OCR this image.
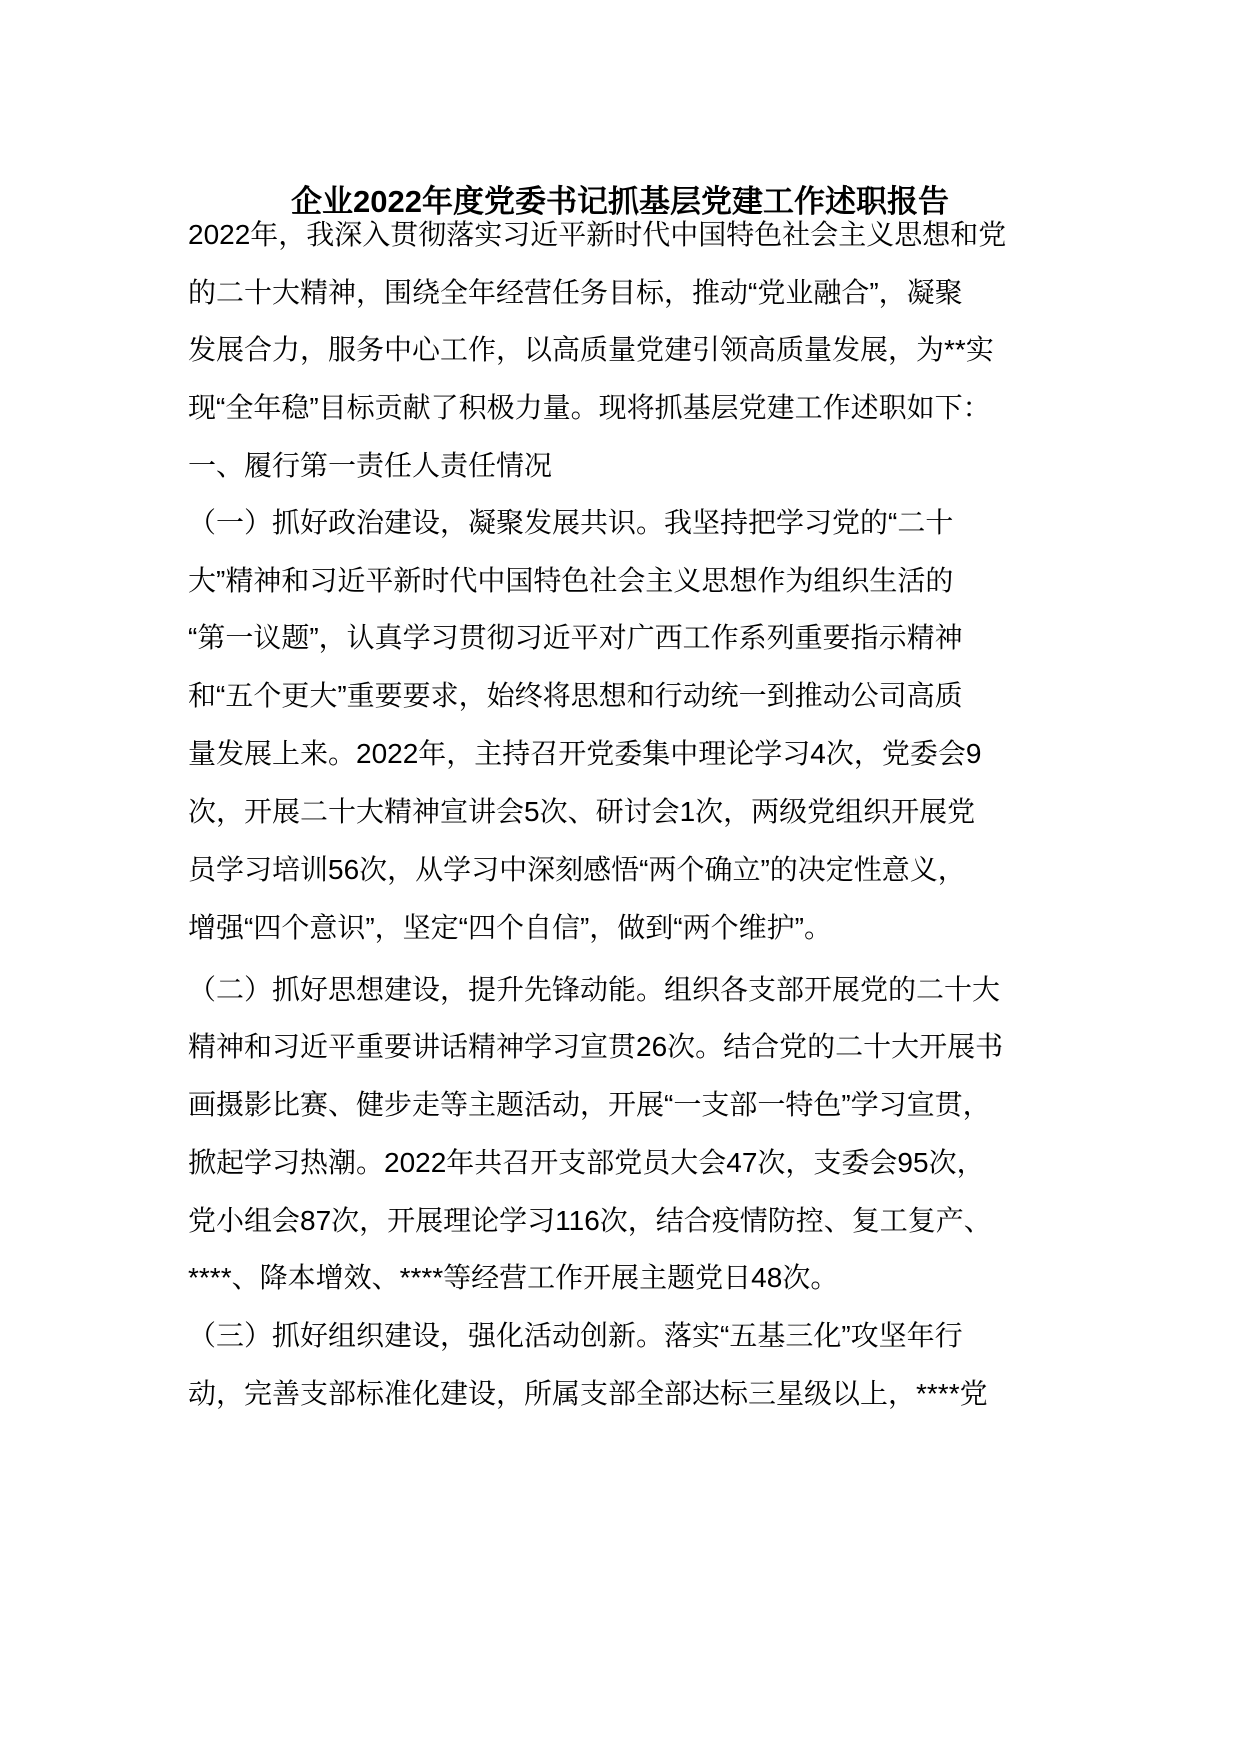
企业2022年度党委书记抓基层党建工作述职报告
2022年，我深入贯彻落实习近平新时代中国特色社会主义思想和党
的二十大精神，围绕全年经营任务目标，推动“党业融合”，凝聚
发展合力，服务中心工作，以高质量党建引领高质量发展，为**实
现“全年稳”目标贡献了积极力量。现将抓基层党建工作述职如下：
一、履行第一责任人责任情况
（一）抓好政治建设，凝聚发展共识。我坚持把学习党的“二十
大”精神和习近平新时代中国特色社会主义思想作为组织生活的
“第一议题”，认真学习贯彻习近平对广西工作系列重要指示精神
和“五个更大”重要要求，始终将思想和行动统一到推动公司高质
量发展上来。2022年，主持召开党委集中理论学习4次，党委会9
次，开展二十大精神宣讲会5次、研讨会1次，两级党组织开展党
员学习培训56次，从学习中深刻感悟“两个确立”的决定性意义，
增强“四个意识”，坚定“四个自信”，做到“两个维护”。
（二）抓好思想建设，提升先锋动能。组织各支部开展党的二十大
精神和习近平重要讲话精神学习宣贯26次。结合党的二十大开展书
画摄影比赛、健步走等主题活动，开展“一支部一特色”学习宣贯，
掀起学习热潮。2022年共召开支部党员大会47次，支委会95次，
党小组会87次，开展理论学习116次，结合疫情防控、复工复产、
****、降本增效、****等经营工作开展主题党日48次。
（三）抓好组织建设，强化活动创新。落实“五基三化”攻坚年行
动，完善支部标准化建设，所属支部全部达标三星级以上，****党
